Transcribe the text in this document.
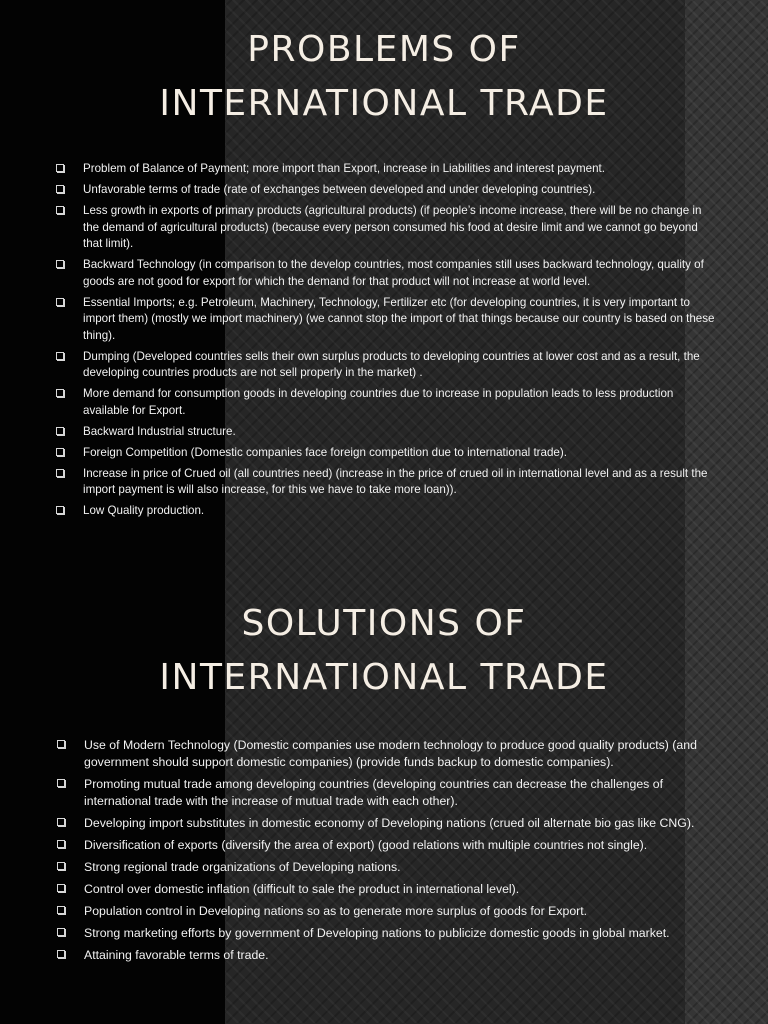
PROBLEMS OF
INTERNATIONAL TRADE
Problem of Balance of Payment; more import than Export, increase in Liabilities and interest payment.
Unfavorable terms of trade (rate of exchanges between developed and under developing countries).
Less growth in exports of primary products (agricultural products) (if people’s income increase, there will be no change in the demand of agricultural products) (because every person consumed his food at desire limit and we cannot go beyond that limit).
Backward Technology (in comparison to the develop countries, most companies still uses backward technology, quality of goods are not good for export for which the demand for that product will not increase at world level.
Essential Imports; e.g. Petroleum, Machinery, Technology, Fertilizer etc (for developing countries, it is very important to import them) (mostly we import machinery) (we cannot stop the import of that things because our country is based on these thing).
Dumping (Developed countries sells their own surplus products to developing countries at lower cost and as a result, the developing countries products are not sell properly in the market) .
More demand for consumption goods in developing countries due to increase in population leads to less production available for Export.
Backward Industrial structure.
Foreign Competition (Domestic companies face foreign competition due to international trade).
Increase in price of Crued oil (all countries need) (increase in the price of crued oil in international level and as a result the import payment is will also increase, for this we have to take more loan)).
Low Quality production.
SOLUTIONS OF
INTERNATIONAL TRADE
Use of Modern Technology (Domestic companies use modern technology to produce good quality products) (and government should support domestic companies) (provide funds backup to domestic companies).
Promoting mutual trade among developing countries (developing countries can decrease the challenges of international trade with the increase of mutual trade with each other).
Developing import substitutes in domestic economy of Developing nations (crued oil alternate bio gas like CNG).
Diversification of exports (diversify the area of export) (good relations with multiple countries not single).
Strong regional trade organizations of Developing nations.
Control over domestic inflation (difficult to sale the product in international level).
Population control in Developing nations so as to generate more surplus of goods for Export.
Strong marketing efforts by government of Developing nations to publicize domestic goods in global market.
Attaining favorable terms of trade.
